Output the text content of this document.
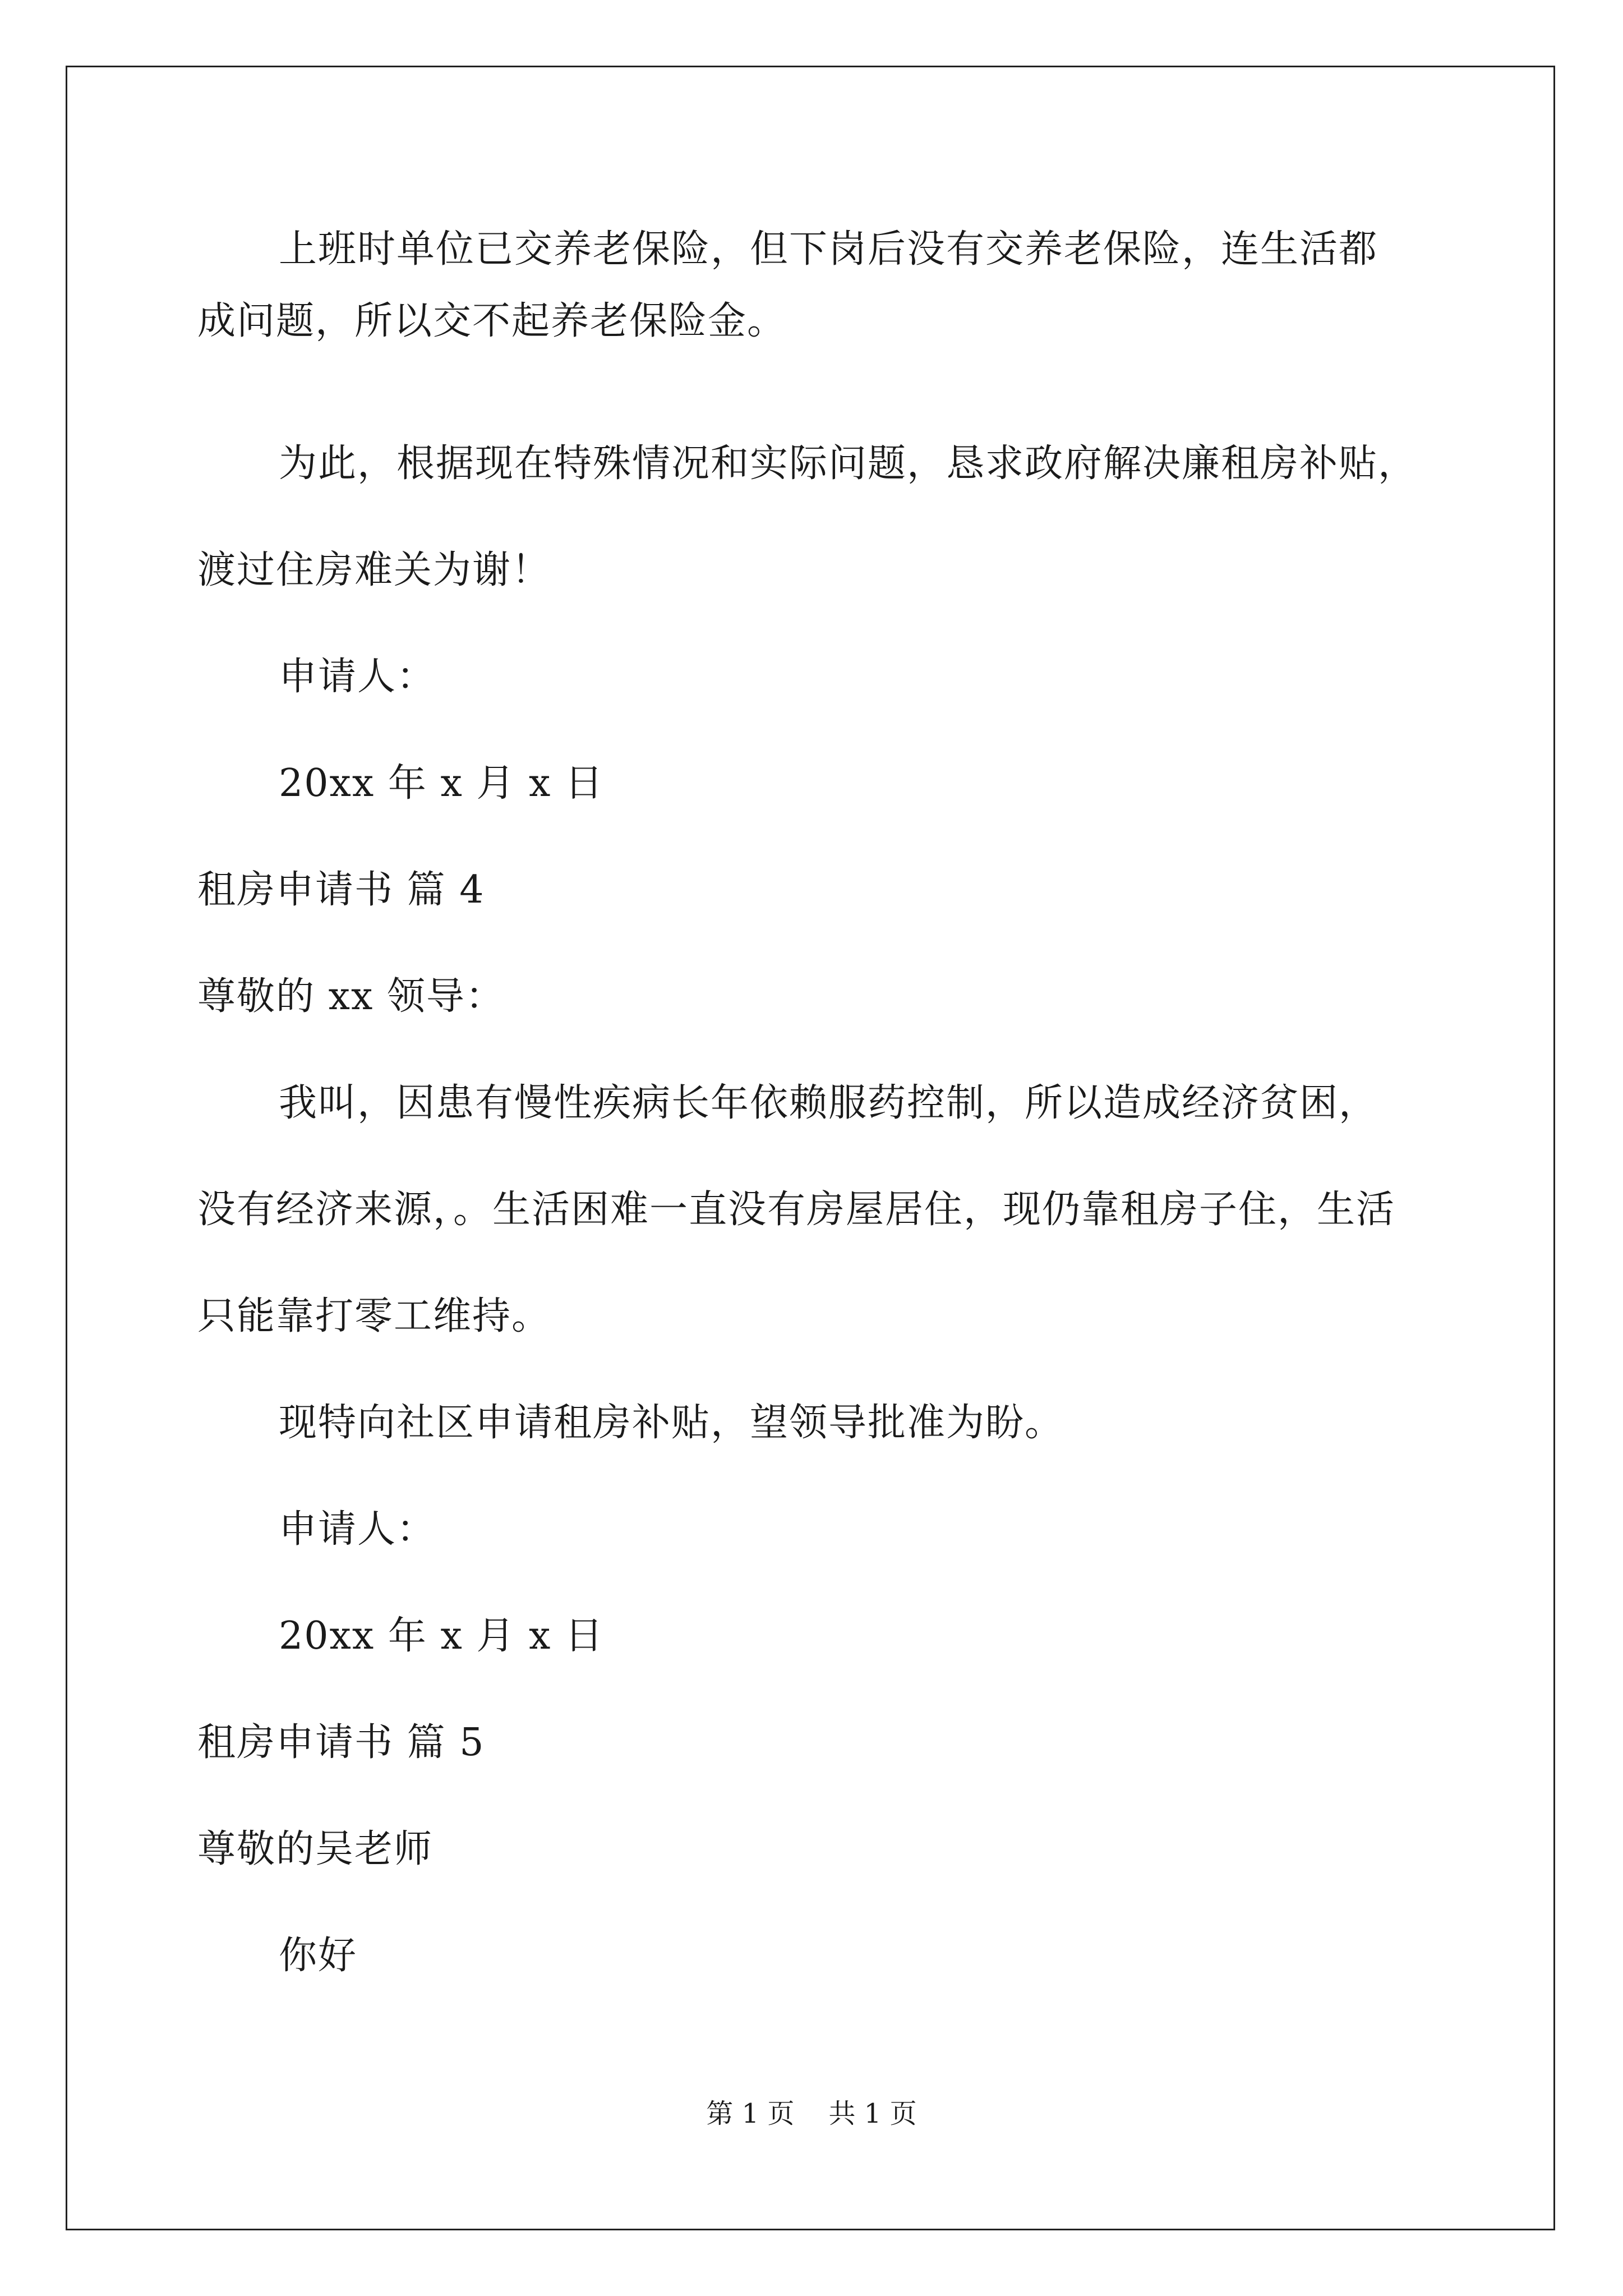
上班时单位已交养老保险，但下岗后没有交养老保险，连生活都
成问题，所以交不起养老保险金。
为此，根据现在特殊情况和实际问题，恳求政府解决廉租房补贴，
渡过住房难关为谢！
申请人：
20xx 年 x 月 x 日
租房申请书 篇 4
尊敬的 xx 领导：
我叫，因患有慢性疾病长年依赖服药控制，所以造成经济贫困，
没有经济来源，。生活困难一直没有房屋居住，现仍靠租房子住，生活
只能靠打零工维持。
现特向社区申请租房补贴，望领导批准为盼。
申请人：
20xx 年 x 月 x 日
租房申请书 篇 5
尊敬的吴老师
你好
第 1 页    共 1 页
